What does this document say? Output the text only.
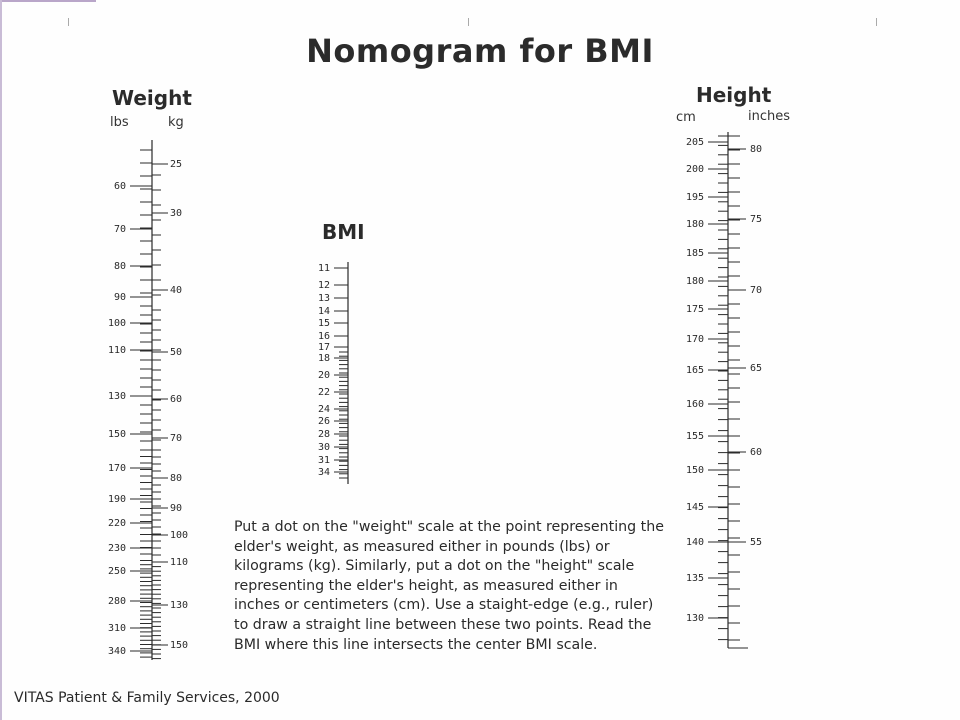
Nomogram for BMI
Weight
lbs	kg
BMI
Height
cm	inches
60
70
80
90
100
110
130
150
170
190
220
230
250
280
310
340
25
30
40
50
60
70
80
90
100
110
130
150
11
12
13
14
15
16
17
18
20
22
24
26
28
30
31
34
205
200
195
180
185
180
175
170
165
160
155
150
145
140
135
130
80
75
70
65
60
55
Put a dot on the "weight" scale at the point representing the elder's weight, as measured either in pounds (lbs) or kilograms (kg). Similarly, put a dot on the "height" scale representing the elder's height, as measured either in inches or centimeters (cm). Use a staight-edge (e.g., ruler) to draw a straight line between these two points. Read the BMI where this line intersects the center BMI scale.
VITAS Patient & Family Services, 2000
